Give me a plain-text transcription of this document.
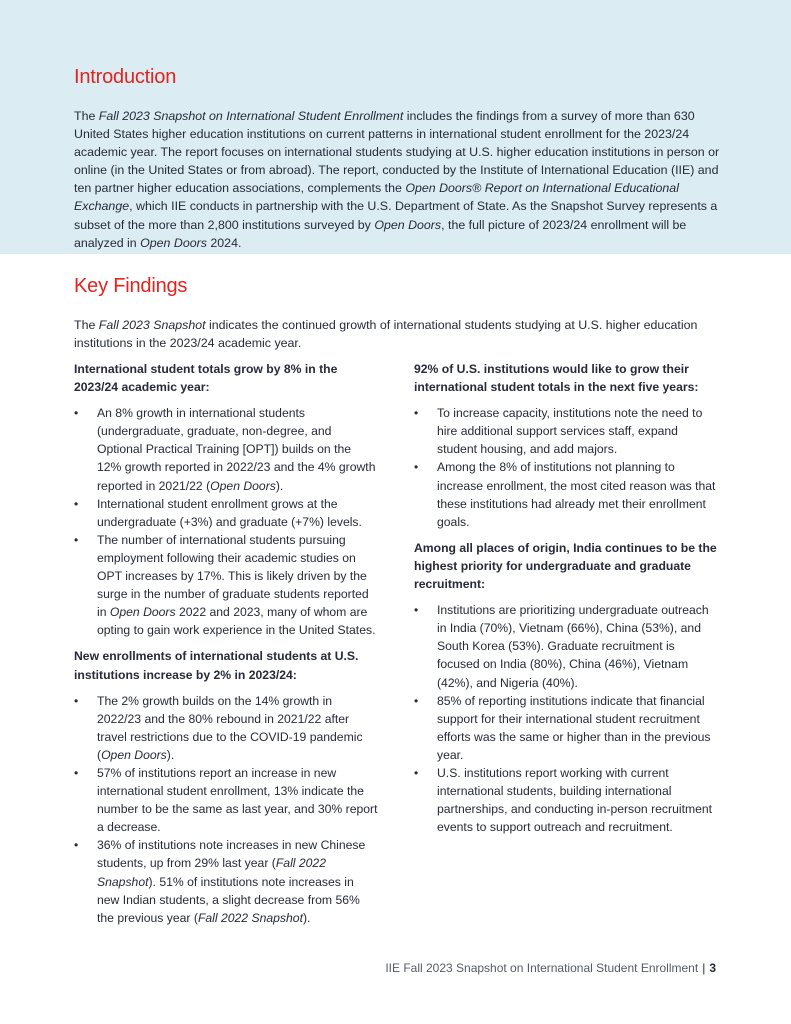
Introduction

The Fall 2023 Snapshot on International Student Enrollment includes the findings from a survey of more than 630 United States higher education institutions on current patterns in international student enrollment for the 2023/24 academic year. The report focuses on international students studying at U.S. higher education institutions in person or online (in the United States or from abroad). The report, conducted by the Institute of International Education (IIE) and ten partner higher education associations, complements the Open Doors® Report on International Educational Exchange, which IIE conducts in partnership with the U.S. Department of State. As the Snapshot Survey represents a subset of the more than 2,800 institutions surveyed by Open Doors, the full picture of 2023/24 enrollment will be analyzed in Open Doors 2024.

Key Findings

The Fall 2023 Snapshot indicates the continued growth of international students studying at U.S. higher education institutions in the 2023/24 academic year.

International student totals grow by 8% in the 2023/24 academic year:
•	An 8% growth in international students (undergraduate, graduate, non-degree, and Optional Practical Training [OPT]) builds on the 12% growth reported in 2022/23 and the 4% growth reported in 2021/22 (Open Doors).
•	International student enrollment grows at the undergraduate (+3%) and graduate (+7%) levels.
•	The number of international students pursuing employment following their academic studies on OPT increases by 17%. This is likely driven by the surge in the number of graduate students reported in Open Doors 2022 and 2023, many of whom are opting to gain work experience in the United States.
New enrollments of international students at U.S. institutions increase by 2% in 2023/24:
•	The 2% growth builds on the 14% growth in 2022/23 and the 80% rebound in 2021/22 after travel restrictions due to the COVID-19 pandemic (Open Doors).
•	57% of institutions report an increase in new international student enrollment, 13% indicate the number to be the same as last year, and 30% report a decrease.
•	36% of institutions note increases in new Chinese students, up from 29% last year (Fall 2022 Snapshot). 51% of institutions note increases in new Indian students, a slight decrease from 56% the previous year (Fall 2022 Snapshot).
92% of U.S. institutions would like to grow their international student totals in the next five years:
•	To increase capacity, institutions note the need to hire additional support services staff, expand student housing, and add majors.
•	Among the 8% of institutions not planning to increase enrollment, the most cited reason was that these institutions had already met their enrollment goals.
Among all places of origin, India continues to be the highest priority for undergraduate and graduate recruitment:
•	Institutions are prioritizing undergraduate outreach in India (70%), Vietnam (66%), China (53%), and South Korea (53%). Graduate recruitment is focused on India (80%), China (46%), Vietnam (42%), and Nigeria (40%).
•	85% of reporting institutions indicate that financial support for their international student recruitment efforts was the same or higher than in the previous year.
•	U.S. institutions report working with current international students, building international partnerships, and conducting in-person recruitment events to support outreach and recruitment.
IIE Fall 2023 Snapshot on International Student Enrollment | 3
